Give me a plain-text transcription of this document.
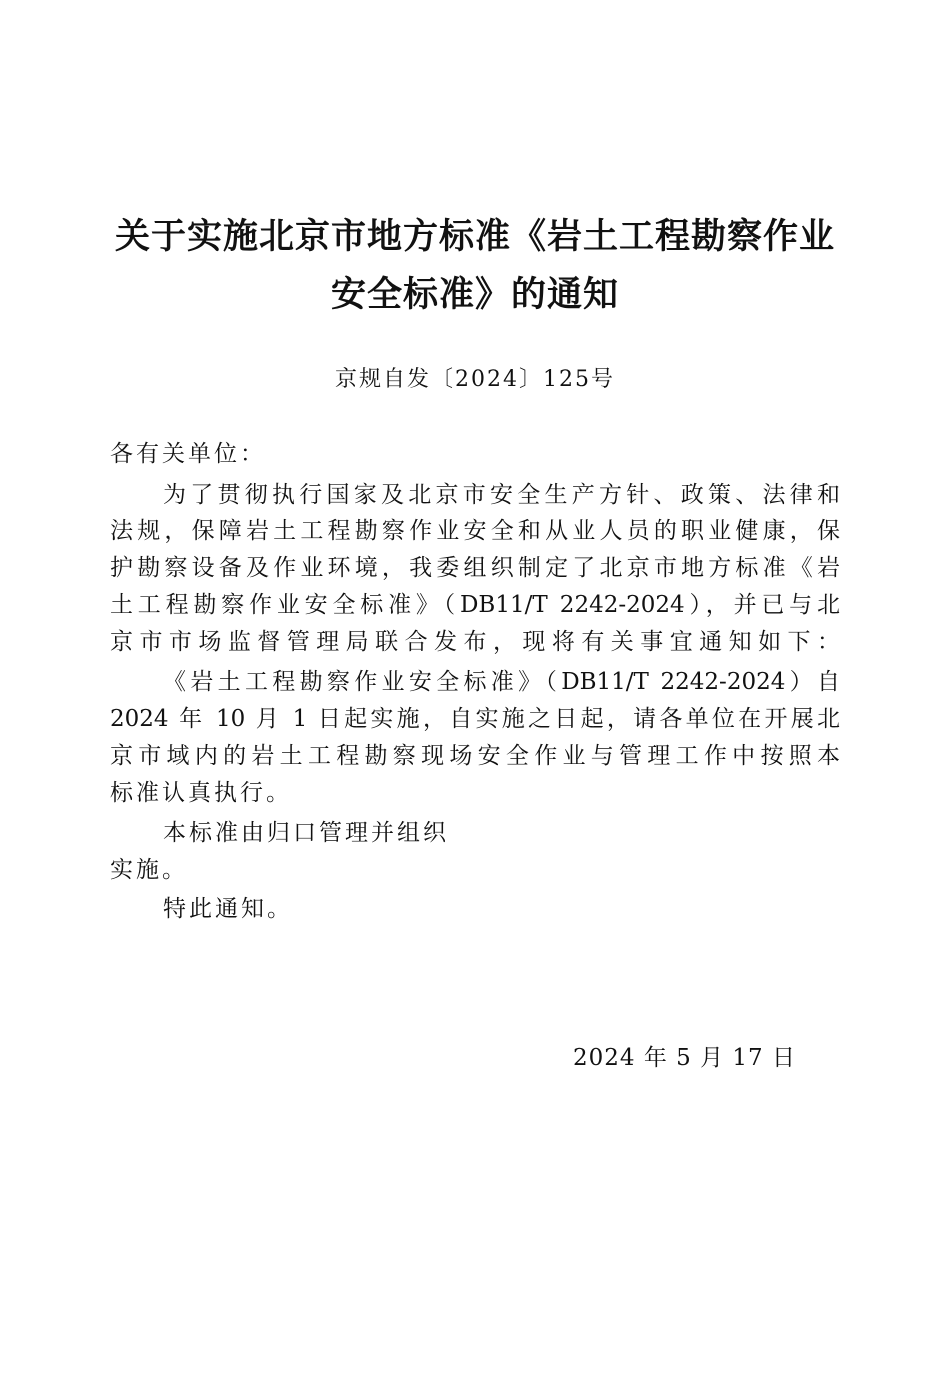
关于实施北京市地方标准《岩土工程勘察作业
安全标准》的通知
京规自发〔2024〕125号
各有关单位：
为了贯彻执行国家及北京市安全生产方针、政策、法律和
法规，保障岩土工程勘察作业安全和从业人员的职业健康，保
护勘察设备及作业环境，我委组织制定了北京市地方标准《岩
土工程勘察作业安全标准》（DB11/T 2242-2024），并已与北
京市市场监督管理局联合发布，现将有关事宜通知如下：
《岩土工程勘察作业安全标准》（DB11/T 2242-2024）自
2024 年 10 月 1 日起实施，自实施之日起，请各单位在开展北
京市域内的岩土工程勘察现场安全作业与管理工作中按照本
标准认真执行。
本标准由归口管理并组织
实施。
特此通知。
2024 年 5 月 17 日
